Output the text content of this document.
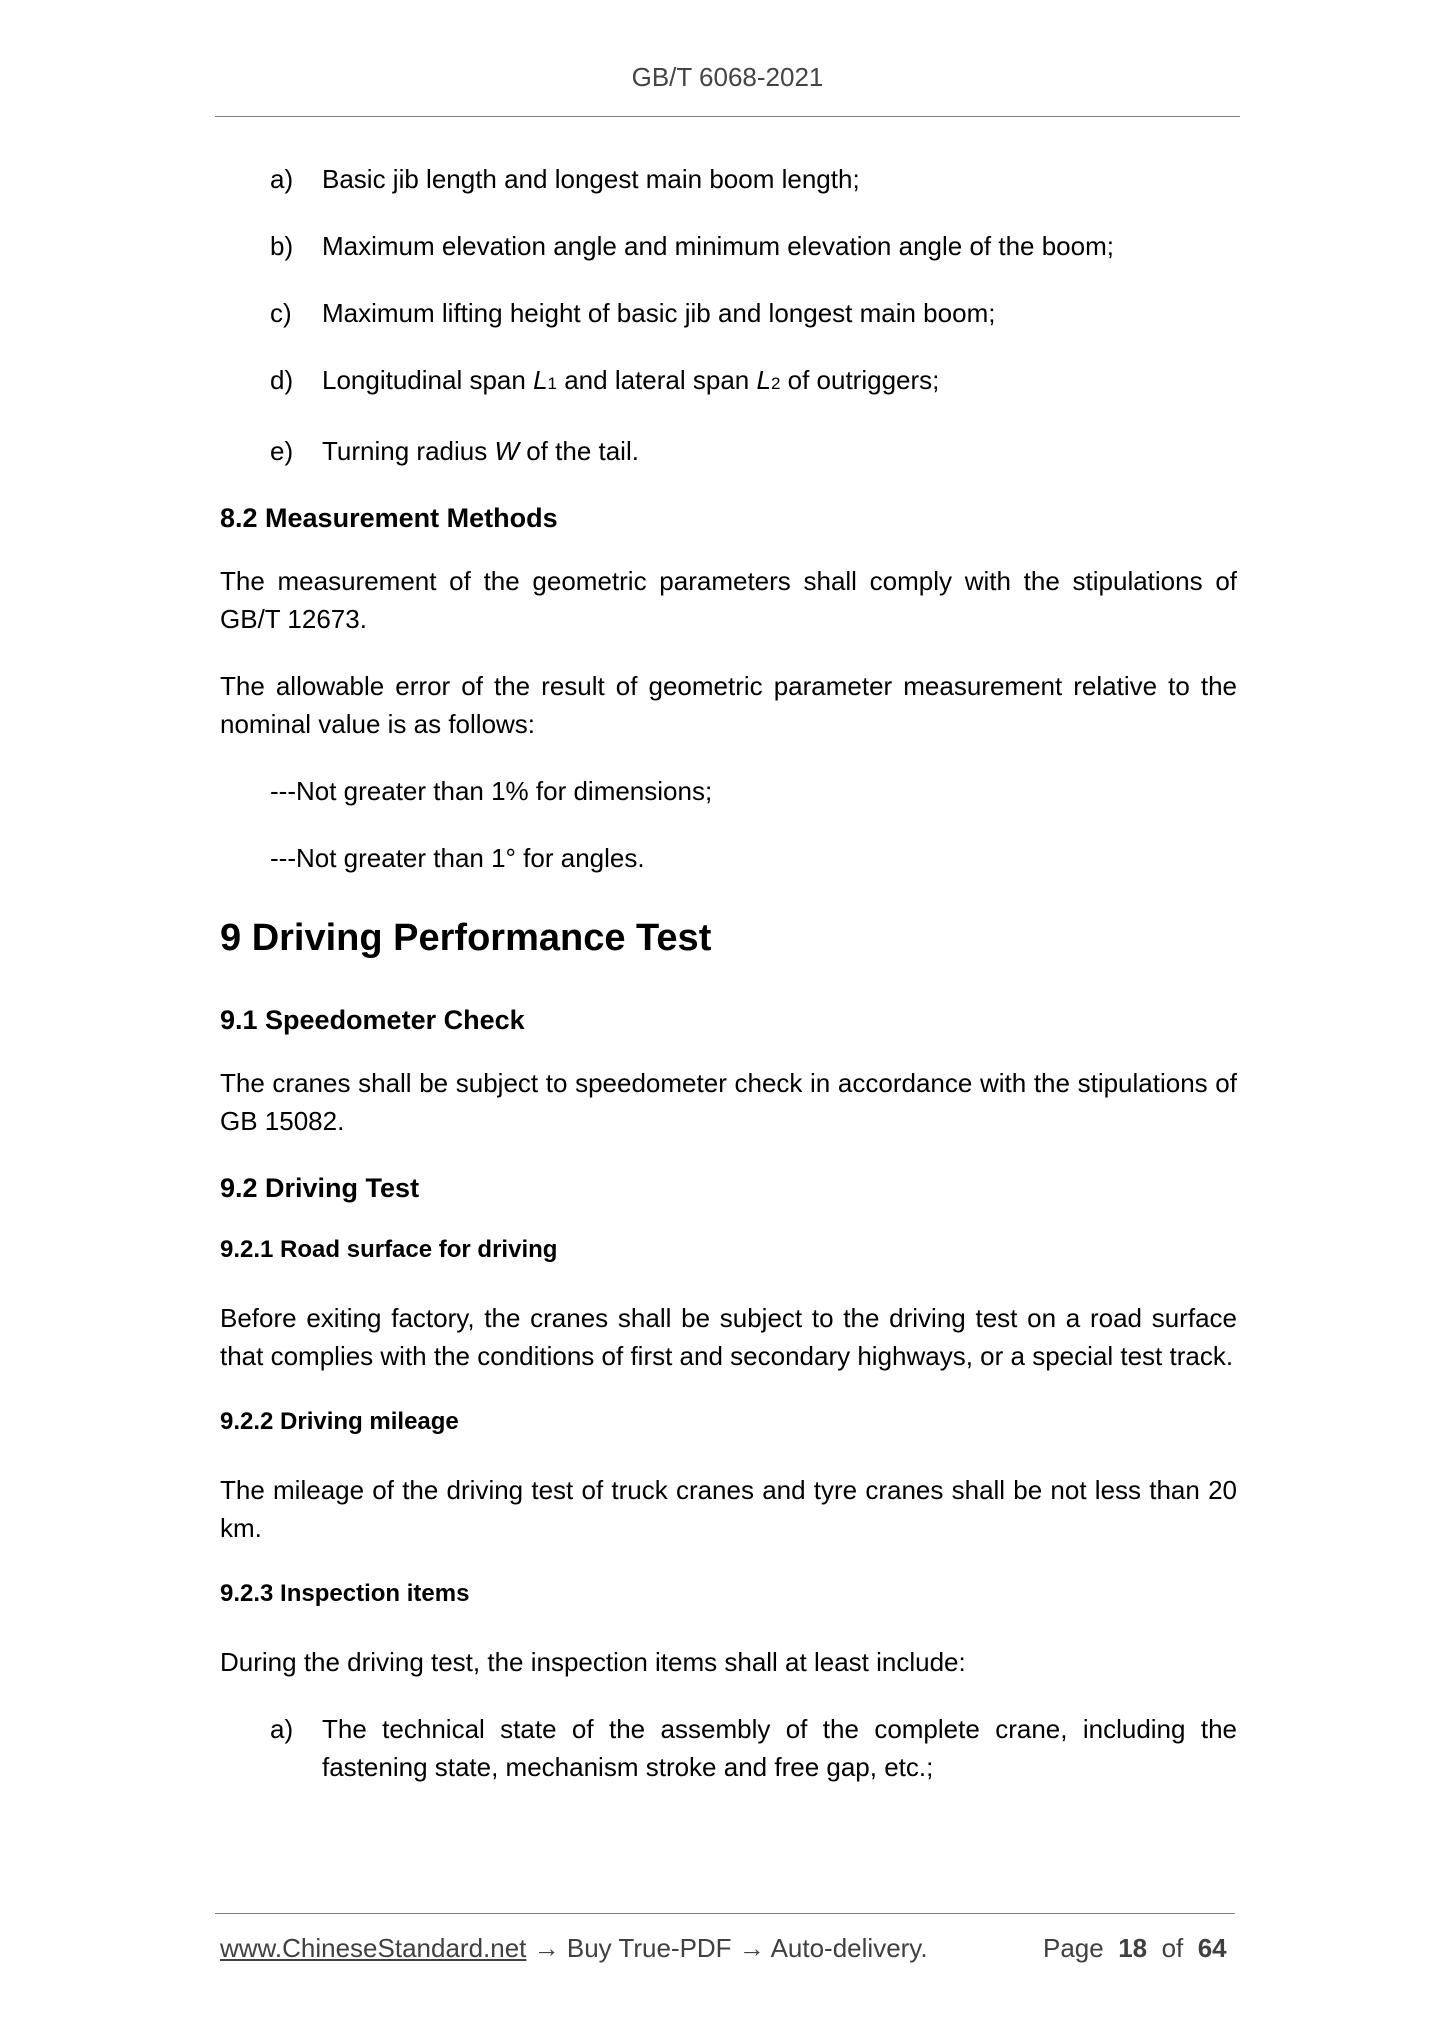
GB/T 6068-2021
a) Basic jib length and longest main boom length;
b) Maximum elevation angle and minimum elevation angle of the boom;
c) Maximum lifting height of basic jib and longest main boom;
d) Longitudinal span L1 and lateral span L2 of outriggers;
e) Turning radius W of the tail.
8.2 Measurement Methods
The measurement of the geometric parameters shall comply with the stipulations of GB/T 12673.
The allowable error of the result of geometric parameter measurement relative to the nominal value is as follows:
---Not greater than 1% for dimensions;
---Not greater than 1° for angles.
9 Driving Performance Test
9.1 Speedometer Check
The cranes shall be subject to speedometer check in accordance with the stipulations of GB 15082.
9.2 Driving Test
9.2.1 Road surface for driving
Before exiting factory, the cranes shall be subject to the driving test on a road surface that complies with the conditions of first and secondary highways, or a special test track.
9.2.2 Driving mileage
The mileage of the driving test of truck cranes and tyre cranes shall be not less than 20 km.
9.2.3 Inspection items
During the driving test, the inspection items shall at least include:
a) The technical state of the assembly of the complete crane, including the fastening state, mechanism stroke and free gap, etc.;
www.ChineseStandard.net → Buy True-PDF → Auto-delivery.	Page 18 of 64
